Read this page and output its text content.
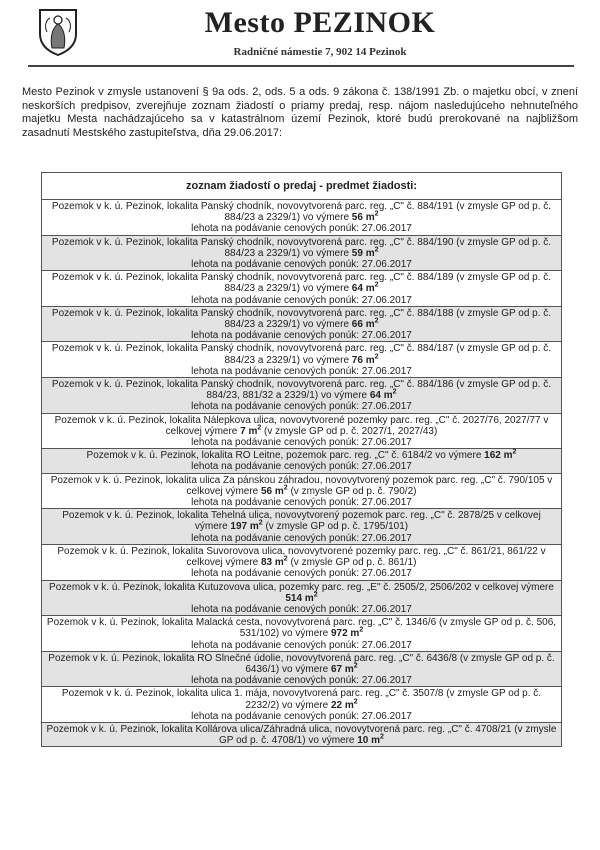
Mesto PEZINOK
Radničné námestie 7, 902 14 Pezinok
Mesto Pezinok v zmysle ustanovení § 9a ods. 2, ods. 5 a ods. 9 zákona č. 138/1991 Zb. o majetku obcí, v znení neskorších predpisov, zverejňuje zoznam žiadostí o priamy predaj, resp. nájom nasledujúceho nehnuteľného majetku Mesta nachádzajúceho sa v katastrálnom území Pezinok, ktoré budú prerokované na najbližšom zasadnutí Mestského zastupiteľstva, dňa 29.06.2017:
zoznam žiadostí o predaj - predmet žiadosti:
Pozemok v k. ú. Pezinok, lokalita Panský chodník, novovytvorená parc. reg. „C" č. 884/191 (v zmysle GP od p. č. 884/23 a 2329/1) vo výmere 56 $m^2$
lehota na podávanie cenových ponúk: 27.06.2017
Pozemok v k. ú. Pezinok, lokalita Panský chodník, novovytvorená parc. reg. „C" č. 884/190 (v zmysle GP od p. č. 884/23 a 2329/1) vo výmere 59 $m^2$
lehota na podávanie cenových ponúk: 27.06.2017
Pozemok v k. ú. Pezinok, lokalita Panský chodník, novovytvorená parc. reg. „C" č. 884/189 (v zmysle GP od p. č. 884/23 a 2329/1) vo výmere 64 $m^2$
lehota na podávanie cenových ponúk: 27.06.2017
Pozemok v k. ú. Pezinok, lokalita Panský chodník, novovytvorená parc. reg. „C" č. 884/188 (v zmysle GP od p. č. 884/23 a 2329/1) vo výmere 66 $m^2$
lehota na podávanie cenových ponúk: 27.06.2017
Pozemok v k. ú. Pezinok, lokalita Panský chodník, novovytvorená parc. reg. „C" č. 884/187 (v zmysle GP od p. č. 884/23 a 2329/1) vo výmere 76 $m^2$
lehota na podávanie cenových ponúk: 27.06.2017
Pozemok v k. ú. Pezinok, lokalita Panský chodník, novovytvorená parc. reg. „C" č. 884/186 (v zmysle GP od p. č. 884/23, 881/32 a 2329/1) vo výmere 64 $m^2$
lehota na podávanie cenových ponúk: 27.06.2017
Pozemok v k. ú. Pezinok, lokalita Nálepkova ulica, novovytvorené pozemky parc. reg. „C" č. 2027/76, 2027/77 v celkovej výmere 7 $m^2$ (v zmysle GP od p. č. 2027/1, 2027/43)
lehota na podávanie cenových ponúk: 27.06.2017
Pozemok v k. ú. Pezinok, lokalita RO Leitne, pozemok parc. reg. „C" č. 6184/2 vo výmere 162 $m^2$
lehota na podávanie cenových ponúk: 27.06.2017
Pozemok v k. ú. Pezinok, lokalita ulica Za pánskou záhradou, novovytvorený pozemok parc. reg. „C" č. 790/105 v celkovej výmere 56 $m^2$ (v zmysle GP od p. č. 790/2)
lehota na podávanie cenových ponúk: 27.06.2017
Pozemok v k. ú. Pezinok, lokalita Tehelná ulica, novovytvorený pozemok parc. reg. „C" č. 2878/25 v celkovej výmere 197 $m^2$ (v zmysle GP od p. č. 1795/101)
lehota na podávanie cenových ponúk: 27.06.2017
Pozemok v k. ú. Pezinok, lokalita Suvorovova ulica, novovytvorené pozemky parc. reg. „C" č. 861/21, 861/22 v celkovej výmere 83 $m^2$ (v zmysle GP od p. č. 861/1)
lehota na podávanie cenových ponúk: 27.06.2017
Pozemok v k. ú. Pezinok, lokalita Kutuzovova ulica, pozemky parc. reg. „E" č. 2505/2, 2506/202 v celkovej výmere 514 $m^2$
lehota na podávanie cenových ponúk: 27.06.2017
Pozemok v k. ú. Pezinok, lokalita Malacká cesta, novovytvorená parc. reg. „C" č. 1346/6 (v zmysle GP od p. č. 506, 531/102) vo výmere 972 $m^2$
lehota na podávanie cenových ponúk: 27.06.2017
Pozemok v k. ú. Pezinok, lokalita RO Slnečné údolie, novovytvorená parc. reg. „C" č. 6436/8 (v zmysle GP od p. č. 6436/1) vo výmere 67 $m^2$
lehota na podávanie cenových ponúk: 27.06.2017
Pozemok v k. ú. Pezinok, lokalita ulica 1. mája, novovytvorená parc. reg. „C" č. 3507/8 (v zmysle GP od p. č. 2232/2) vo výmere 22 $m^2$
lehota na podávanie cenových ponúk: 27.06.2017
Pozemok v k. ú. Pezinok, lokalita Kollárova ulica/Záhradná ulica, novovytvorená parc. reg. „C" č. 4708/21 (v zmysle GP od p. č. 4708/1) vo výmere 10 $m^2$
